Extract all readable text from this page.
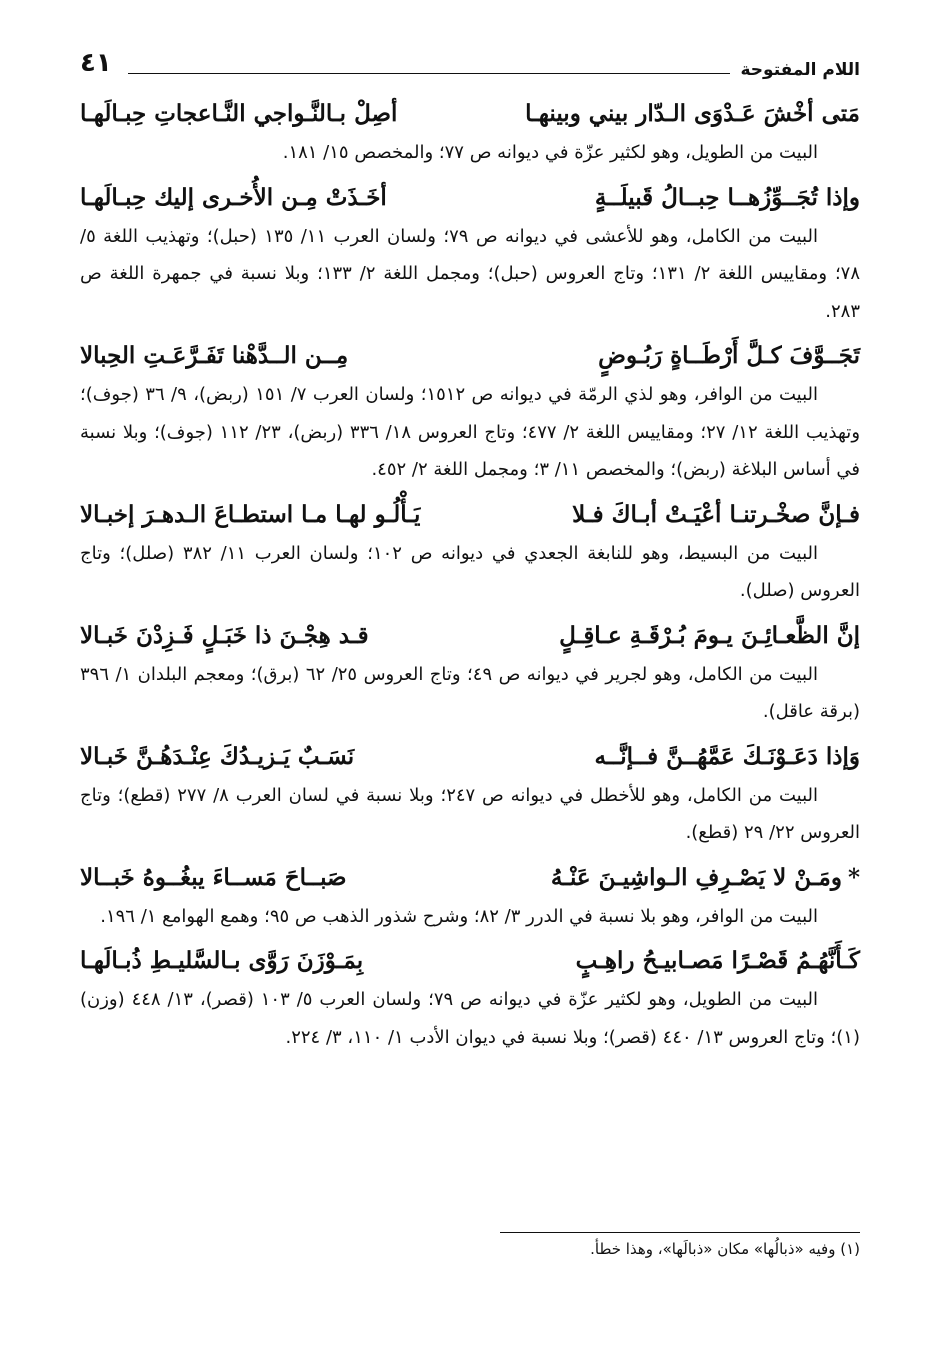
اللام المفتوحة
٤١
مَتى أخْشَ عَـدْوَى الـدّار بيني وبينهـا
أصِلْ بـالنَّـواجي النَّـاعجاتِ حِبـالَهـا

البيت من الطويل، وهو لكثير عزّة في ديوانه ص ٧٧؛ والمخصص ١٥/ ١٨١.

وإذا تُجَــوِّزُهــا حِبــالُ قَبيلَــةٍ
أخَـذَتْ مِـن الأُخـرى إليك حِبـالَهـا

البيت من الكامل، وهو للأعشى في ديوانه ص ٧٩؛ ولسان العرب ١١/ ١٣٥ (حبل)؛ وتهذيب اللغة ٥/ ٧٨؛ ومقاييس اللغة ٢/ ١٣١؛ وتاج العروس (حبل)؛ ومجمل اللغة ٢/ ١٣٣؛ وبلا نسبة في جمهرة اللغة ص ٢٨٣.

تَجَــوَّفَ كـلَّ أَرْطَــاةٍ رَبُـوضٍ
مِــن الــدَّهْنا تَفَـرَّعَـتِ الحِبالا

البيت من الوافر، وهو لذي الرمّة في ديوانه ص ١٥١٢؛ ولسان العرب ٧/ ١٥١ (ربض)، ٩/ ٣٦ (جوف)؛ وتهذيب اللغة ١٢/ ٢٧؛ ومقاييس اللغة ٢/ ٤٧٧؛ وتاج العروس ١٨/ ٣٣٦ (ربض)، ٢٣/ ١١٢ (جوف)؛ وبلا نسبة في أساس البلاغة (ربض)؛ والمخصص ١١/ ٣؛ ومجمل اللغة ٢/ ٤٥٢.

فـإنَّ صخْـرتنـا أعْيَـتْ أبـاكَ فـلا
يَـأْلُـو لهـا مـا استطـاعَ الـدهـرَ إخبـالا

البيت من البسيط، وهو للنابغة الجعدي في ديوانه ص ١٠٢؛ ولسان العرب ١١/ ٣٨٢ (صلل)؛ وتاج العروس (صلل).

إنَّ الظَّعـائِـنَ يـومَ بُـرْقَـةِ عـاقِـلٍ
قـد هِجْـنَ ذا خَبَـلٍ فَـزِدْنَ خَبـالا

البيت من الكامل، وهو لجرير في ديوانه ص ٤٩؛ وتاج العروس ٢٥/ ٦٢ (برق)؛ ومعجم البلدان ١/ ٣٩٦ (برقة عاقل).

وَإذا دَعَـوْنَـكَ عَمَّهُــنَّ فــإنَّــه
نَسَـبٌ يَـزيـدُكَ عِنْـدَهُـنَّ خَبـالا

البيت من الكامل، وهو للأخطل في ديوانه ص ٢٤٧؛ وبلا نسبة في لسان العرب ٨/ ٢٧٧ (قطع)؛ وتاج العروس ٢٢/ ٢٩ (قطع).

*ومَـنْ لا يَصْـرِفِ الـواشِيـنَ عَنْـهُ
صَبــاحَ مَســاءَ يبغُــوهُ خَبــالا

البيت من الوافر، وهو بلا نسبة في الدرر ٣/ ٨٢؛ وشرح شذور الذهب ص ٩٥؛ وهمع الهوامع ١/ ١٩٦.

كَـأَنَّهُـمُ قَصْـرًا مَصـابيـحُ راهِـبٍ
بِمَـوْزَنَ رَوَّى بـالسَّليـطِ ذُبـالَهـا

البيت من الطويل، وهو لكثير عزّة في ديوانه ص ٧٩؛ ولسان العرب ٥/ ١٠٣ (قصر)، ١٣/ ٤٤٨ (وزن)(١)؛ وتاج العروس ١٣/ ٤٤٠ (قصر)؛ وبلا نسبة في ديوان الأدب ١/ ١١٠، ٣/ ٢٢٤.

(١) وفيه «ذبالُها» مكان «ذبالَها»، وهذا خطأ.
